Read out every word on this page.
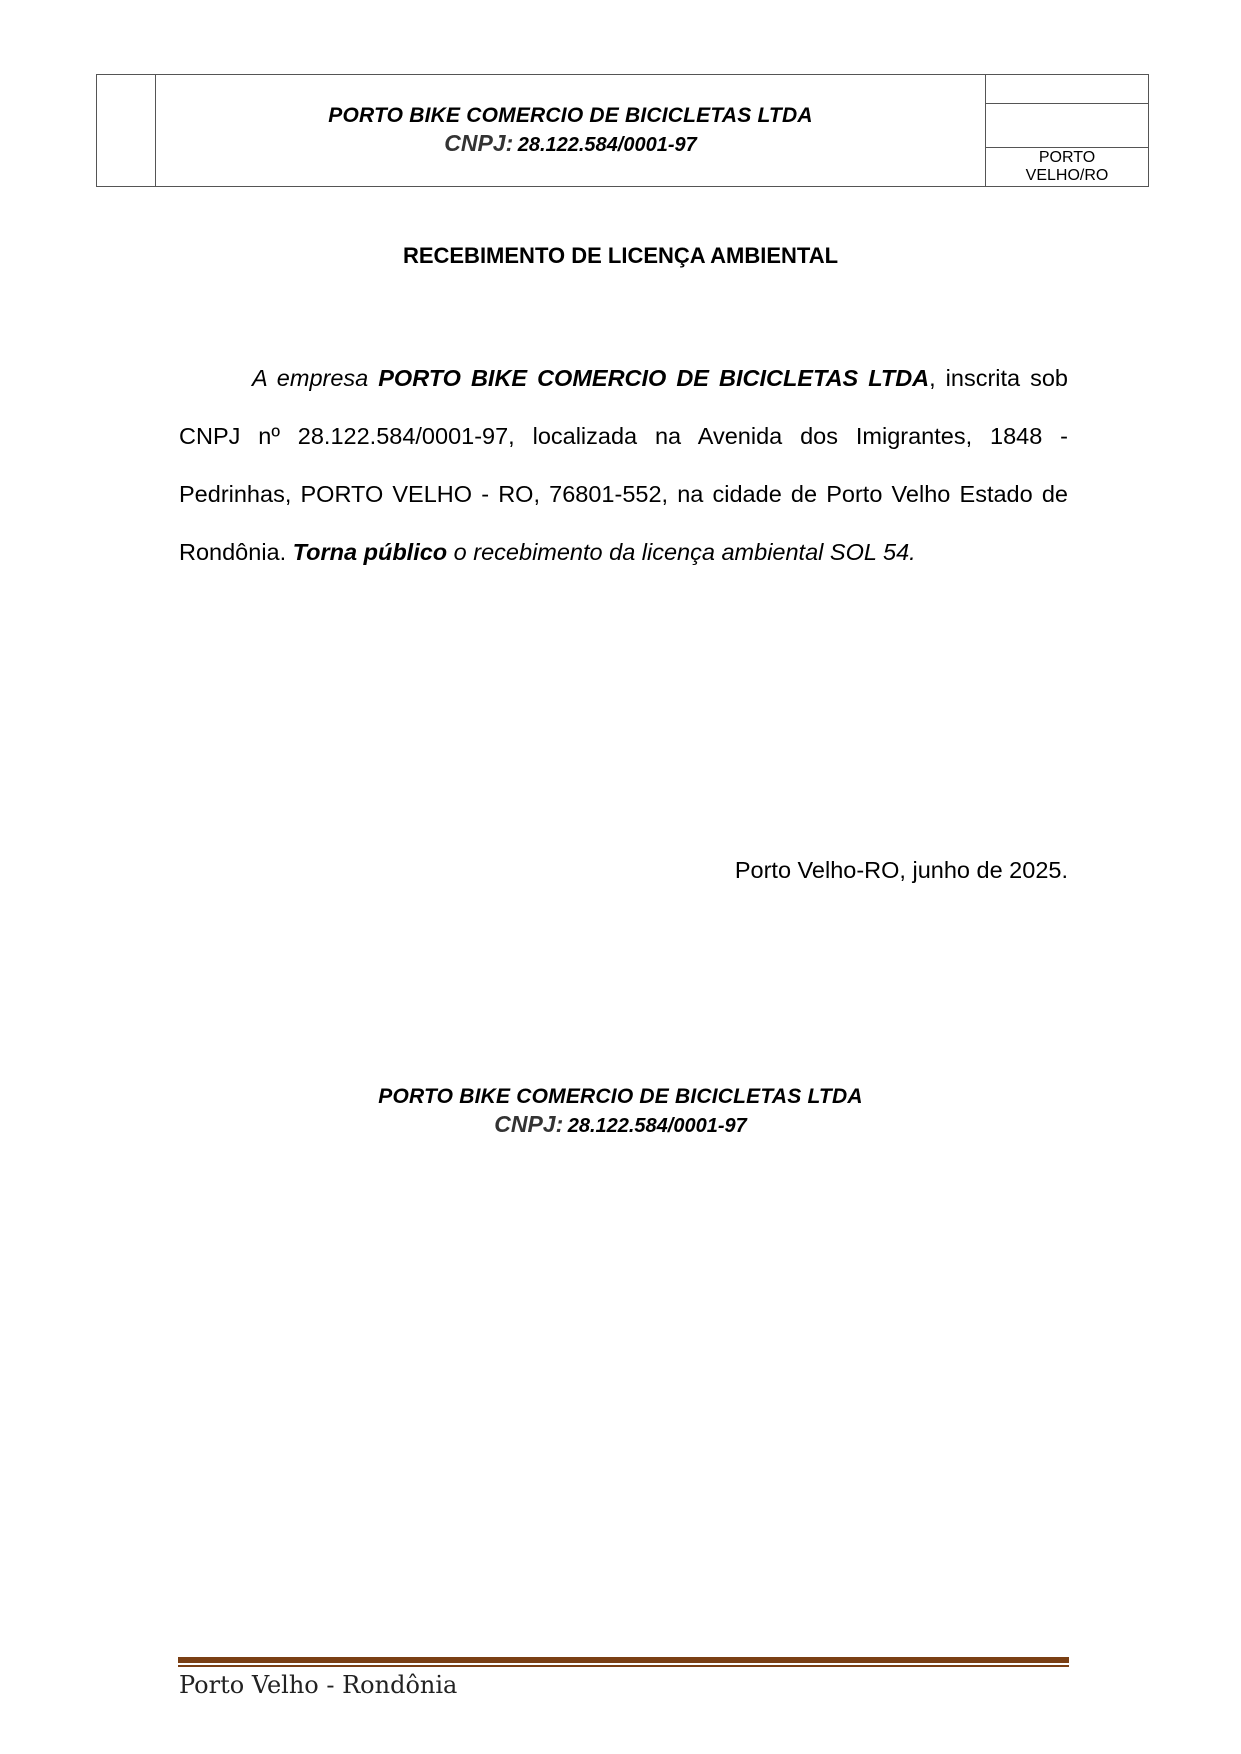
PORTO BIKE COMERCIO DE BICICLETAS LTDA
CNPJ: 28.122.584/0001-97
PORTO
VELHO/RO
RECEBIMENTO DE LICENÇA AMBIENTAL
A empresa PORTO BIKE COMERCIO DE BICICLETAS LTDA, inscrita sob CNPJ nº 28.122.584/0001-97, localizada na Avenida dos Imigrantes, 1848 - Pedrinhas, PORTO VELHO - RO, 76801-552, na cidade de Porto Velho Estado de Rondônia. Torna público o recebimento da licença ambiental SOL 54.
Porto Velho-RO, junho de 2025.
PORTO BIKE COMERCIO DE BICICLETAS LTDA
CNPJ: 28.122.584/0001-97
Porto Velho - Rondônia
